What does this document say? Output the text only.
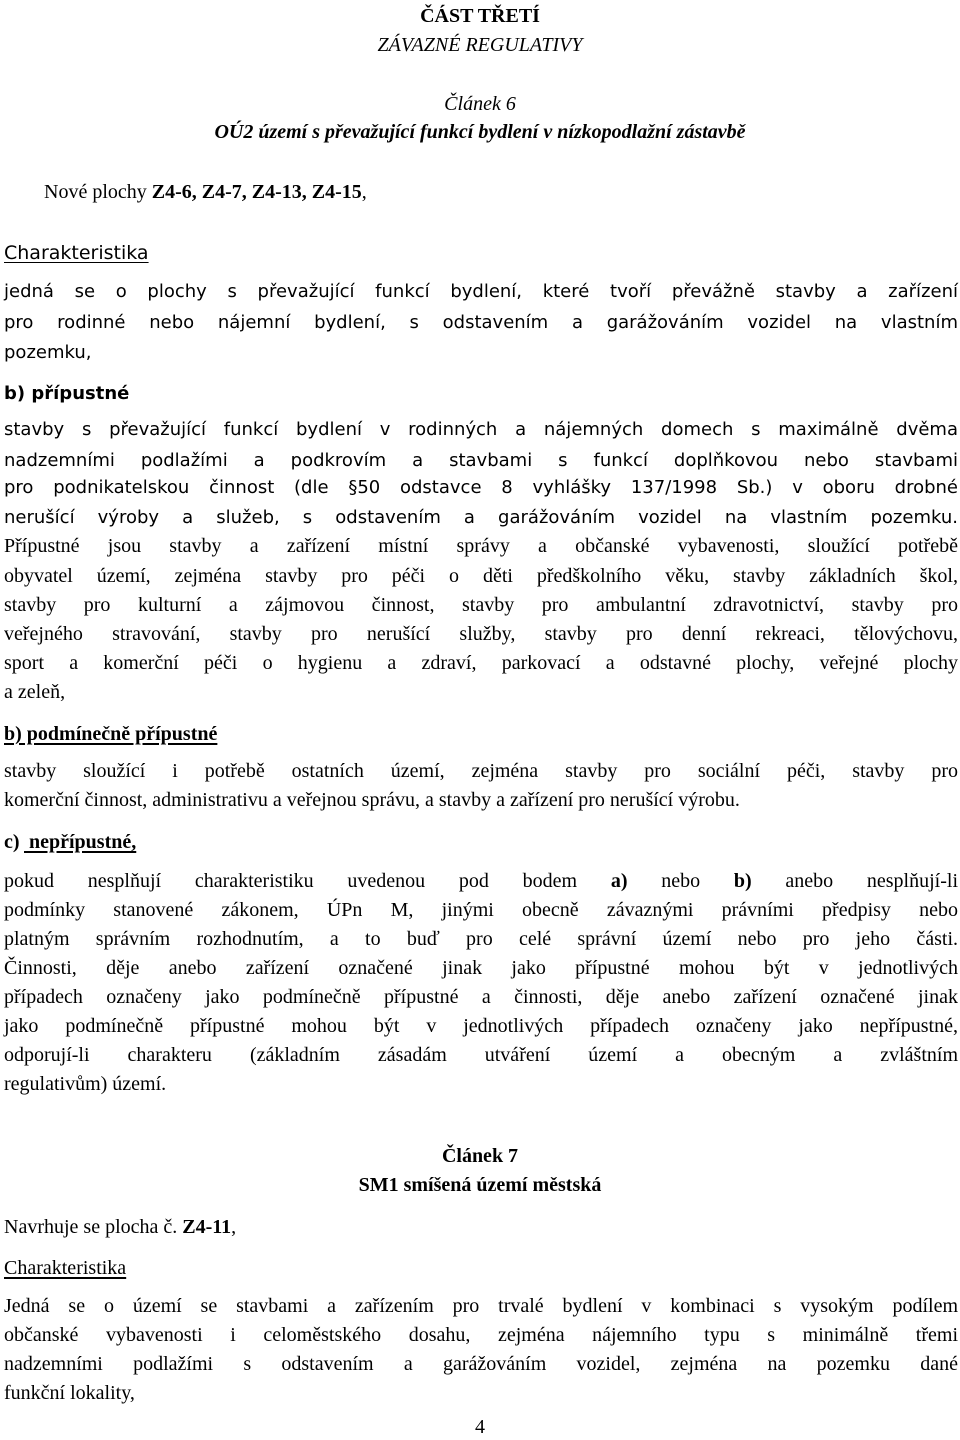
ČÁST TŘETÍ
ZÁVAZNÉ REGULATIVY
Článek 6
OÚ2 území s převažující funkcí bydlení v nízkopodlažní zástavbě
Nové plochy Z4-6, Z4-7, Z4-13, Z4-15,
Charakteristika
jedná se o plochy s převažující funkcí bydlení, které tvoří převážně stavby a zařízení
pro rodinné nebo nájemní bydlení, s odstavením a garážováním vozidel na vlastním
pozemku,
b) přípustné
stavby s převažující funkcí bydlení v rodinných a nájemných domech s maximálně dvěma
nadzemními podlažími a podkrovím a stavbami s funkcí doplňkovou nebo stavbami
pro podnikatelskou činnost (dle §50 odstavce 8 vyhlášky 137/1998 Sb.) v oboru drobné
nerušící výroby a služeb, s odstavením a garážováním vozidel na vlastním pozemku.
Přípustné jsou stavby a zařízení místní správy a občanské vybavenosti, sloužící potřebě
obyvatel území, zejména stavby pro péči o děti předškolního věku, stavby základních škol,
stavby pro kulturní a zájmovou činnost, stavby pro ambulantní zdravotnictví, stavby pro
veřejného stravování, stavby pro nerušící služby, stavby pro denní rekreaci, tělovýchovu,
sport a komerční péči o hygienu a zdraví, parkovací a odstavné plochy, veřejné plochy
a zeleň,
b) podmínečně přípustné
stavby sloužící i potřebě ostatních území, zejména stavby pro sociální péči, stavby pro
komerční činnost, administrativu a veřejnou správu, a stavby a zařízení pro nerušící výrobu.
c) nepřípustné,
pokud nesplňují charakteristiku uvedenou pod bodem a) nebo b) anebo nesplňují-li
podmínky stanovené zákonem, ÚPn M, jinými obecně závaznými právními předpisy nebo
platným správním rozhodnutím, a to buď pro celé správní území nebo pro jeho části.
Činnosti, děje anebo zařízení označené jinak jako přípustné mohou být v jednotlivých
případech označeny jako podmínečně přípustné a činnosti, děje anebo zařízení označené jinak
jako podmínečně přípustné mohou být v jednotlivých případech označeny jako nepřípustné,
odporují-li charakteru (základním zásadám utváření území a obecným a zvláštním
regulativům) území.
Článek 7
SM1 smíšená území městská
Navrhuje se plocha č. Z4-11,
Charakteristika
Jedná se o území se stavbami a zařízením pro trvalé bydlení v kombinaci s vysokým podílem
občanské vybavenosti i celoměstského dosahu, zejména nájemního typu s minimálně třemi
nadzemními podlažími s odstavením a garážováním vozidel, zejména na pozemku dané
funkční lokality,
4
